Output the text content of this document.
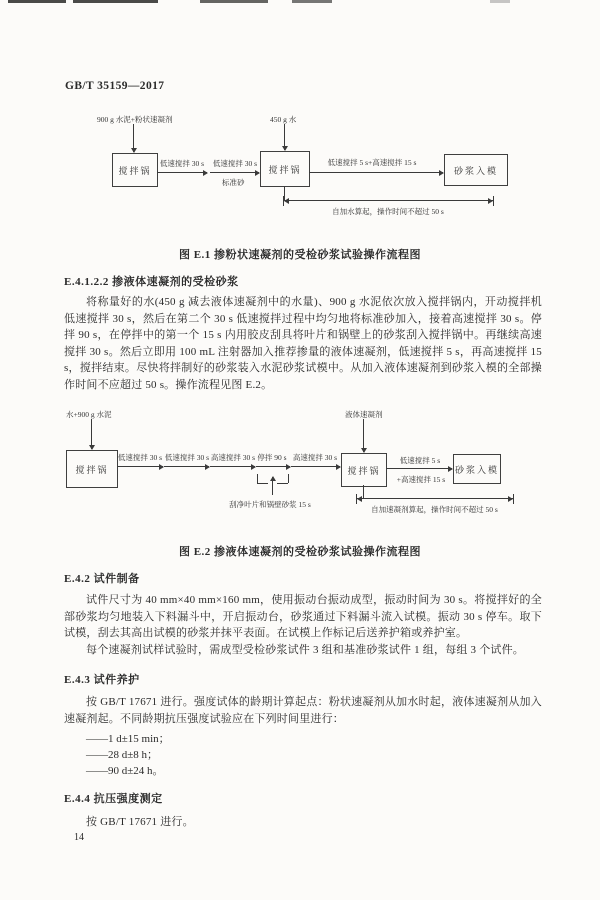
GB/T 35159—2017
900 g 水泥+粉状速凝剂	450 g 水
搅拌锅	搅拌锅	砂浆入模
低速搅拌 30 s	低速搅拌 30 s
标准砂
低速搅拌 5 s+高速搅拌 15 s
自加水算起，操作时间不超过 50 s
图 E.1 掺粉状速凝剂的受检砂浆试验操作流程图
E.4.1.2.2 掺液体速凝剂的受检砂浆

将称量好的水(450 g 减去液体速凝剂中的水量)、900 g 水泥依次放入搅拌锅内，开动搅拌机低速搅拌 30 s，然后在第二个 30 s 低速搅拌过程中均匀地将标准砂加入，接着高速搅拌 30 s。停拌 90 s，在停拌中的第一个 15 s 内用胶皮刮具将叶片和锅壁上的砂浆刮入搅拌锅中。再继续高速搅拌 30 s。然后立即用 100 mL 注射器加入推荐掺量的液体速凝剂，低速搅拌 5 s，再高速搅拌 15 s，搅拌结束。尽快将拌制好的砂浆装入水泥砂浆试模中。从加入液体速凝剂到砂浆入模的全部操作时间不应超过 50 s。操作流程见图 E.2。

水+900 g 水泥
搅拌锅
低速搅拌 30 s 低速搅拌 30 s 高速搅拌 30 s 停拌 90 s 高速搅拌 30 s
液体速凝剂
搅拌锅
低速搅拌 5 s
+高速搅拌 15 s
砂浆入模
刮净叶片和锅壁砂浆 15 s
自加速凝剂算起，操作时间不超过 50 s
图 E.2 掺液体速凝剂的受检砂浆试验操作流程图
E.4.2 试件制备

试件尺寸为 40 mm×40 mm×160 mm，使用振动台振动成型，振动时间为 30 s。将搅拌好的全部砂浆均匀地装入下料漏斗中，开启振动台，砂浆通过下料漏斗流入试模。振动 30 s 停车。取下试模，刮去其高出试模的砂浆并抹平表面。在试模上作标记后送养护箱或养护室。

每个速凝剂试样试验时，需成型受检砂浆试件 3 组和基准砂浆试件 1 组，每组 3 个试件。

E.4.3 试件养护

按 GB/T 17671 进行。强度试体的龄期计算起点：粉状速凝剂从加水时起，液体速凝剂从加入速凝剂起。不同龄期抗压强度试验应在下列时间里进行：

——1 d±15 min；
——28 d±8 h；
——90 d±24 h。
E.4.4 抗压强度测定

按 GB/T 17671 进行。

14
